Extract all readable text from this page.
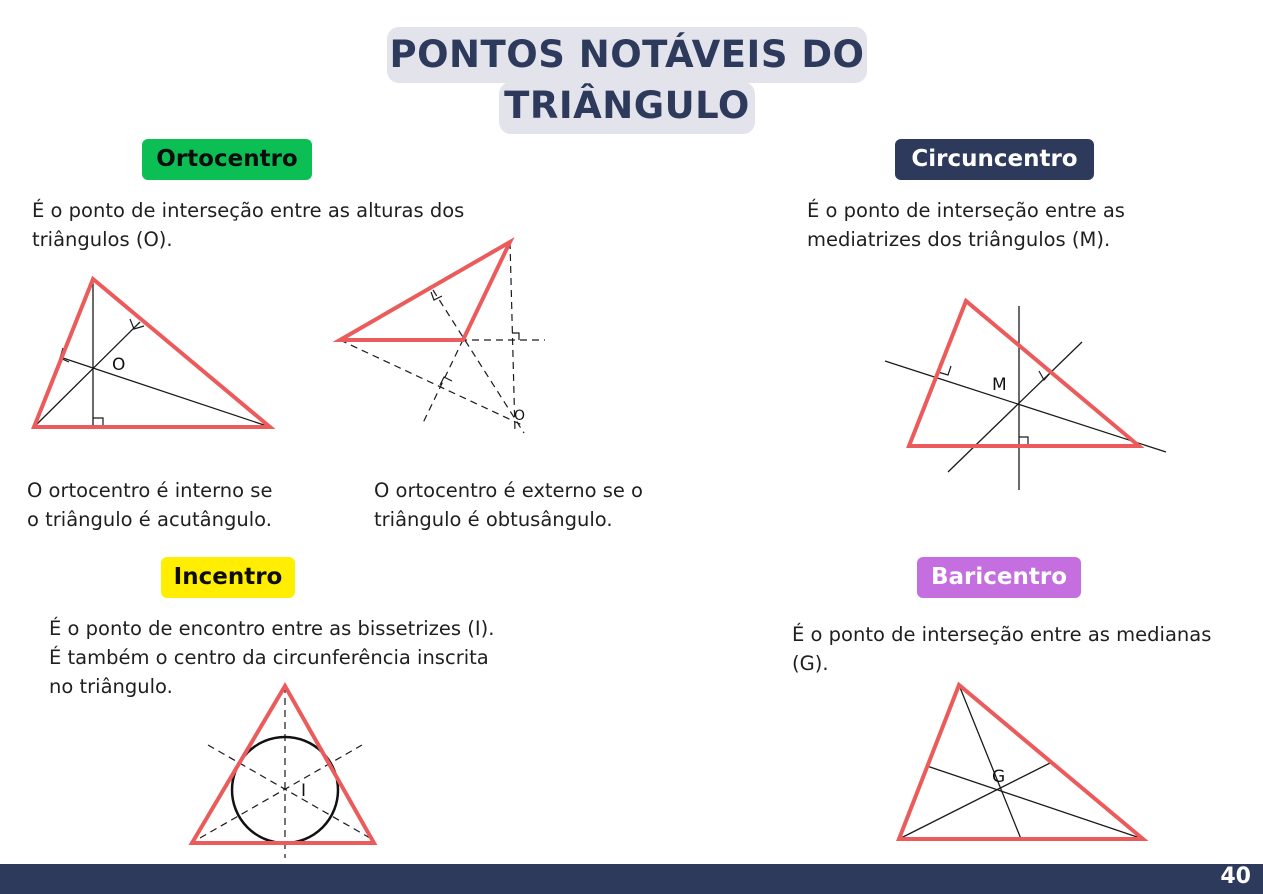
PONTOS NOTÁVEIS DO
TRIÂNGULO
Ortocentro	Circuncentro
Incentro	Baricentro
É o ponto de interseção entre as alturas dos
triângulos (O).
É o ponto de interseção entre as
mediatrizes dos triângulos (M).
O ortocentro é interno se
o triângulo é acutângulo.
O ortocentro é externo se o
triângulo é obtusângulo.
É o ponto de encontro entre as bissetrizes (I).
É também o centro da circunferência inscrita
no triângulo.
É o ponto de interseção entre as medianas
(G).
O
O
M
I
G
40
